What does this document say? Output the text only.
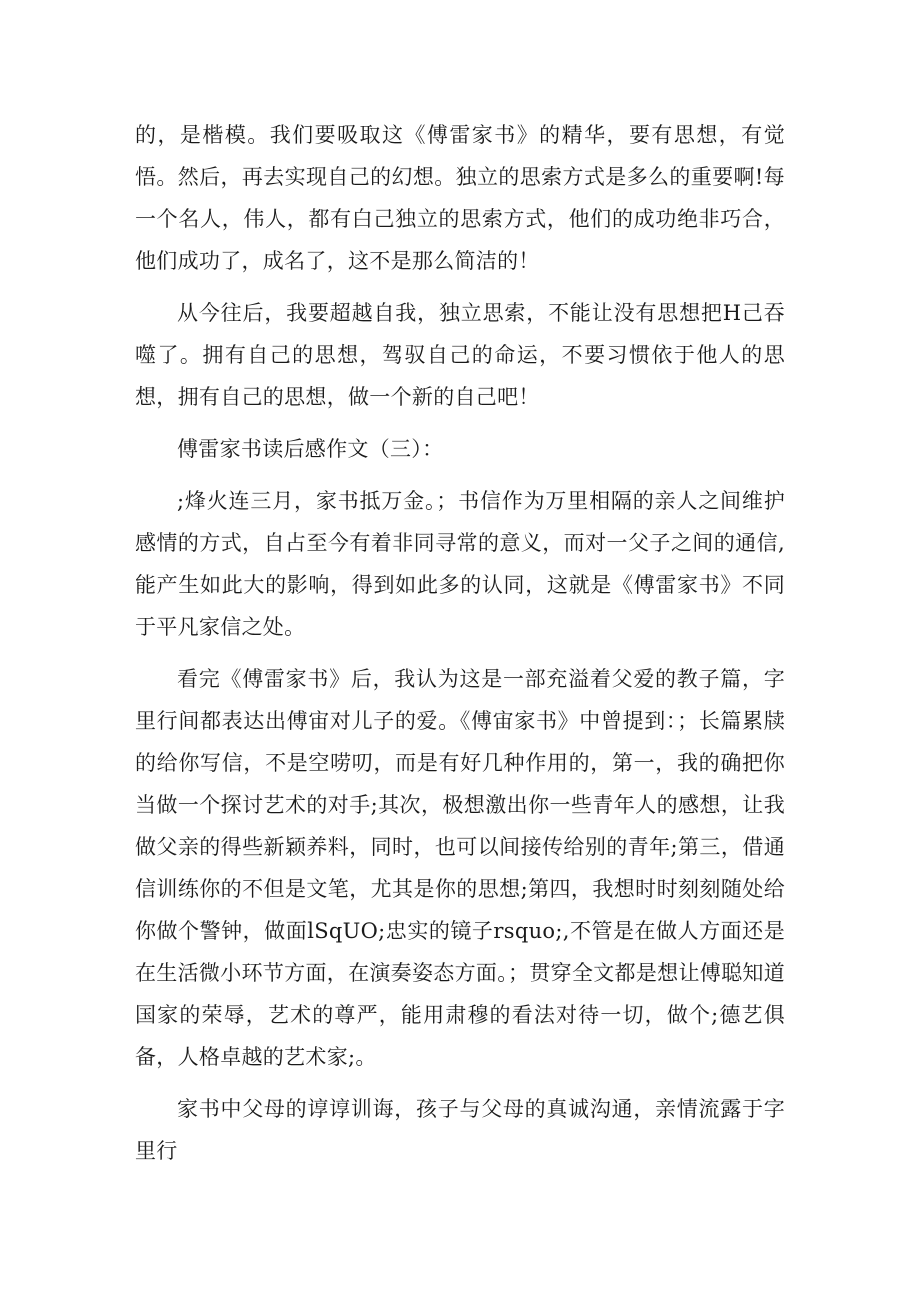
的，是楷模。我们要吸取这《傅雷家书》的精华，要有思想，有觉悟。然后，再去实现自己的幻想。独立的思索方式是多么的重要啊!每一个名人，伟人，都有白己独立的思索方式，他们的成功绝非巧合，他们成功了，成名了，这不是那么简洁的！

从今往后，我要超越自我，独立思索，不能让没有思想把H己吞噬了。拥有自己的思想，驾驭自己的命运，不要习惯依于他人的思想，拥有自己的思想，做一个新的自己吧！

傅雷家书读后感作文（三）：

;烽火连三月，家书抵万金。；书信作为万里相隔的亲人之间维护感情的方式，自占至今有着非同寻常的意义，而对一父子之间的通信,能产生如此大的影响，得到如此多的认同，这就是《傅雷家书》不同于平凡家信之处。

看完《傅雷家书》后，我认为这是一部充溢着父爱的教子篇，字里行间都表达出傅宙对儿子的爱。《傅宙家书》中曾提到：；长篇累牍的给你写信，不是空唠叨，而是有好几种作用的，第一，我的确把你当做一个探讨艺术的对手;其次，极想激出你一些青年人的感想，让我做父亲的得些新颖养料，同时，也可以间接传给别的青年;第三，借通信训练你的不但是文笔，尤其是你的思想;第四，我想时时刻刻随处给你做个警钟，做面lSqUO;忠实的镜子rsquo;,不管是在做人方面还是在生活微小环节方面，在演奏姿态方面。；贯穿全文都是想让傅聪知道国家的荣辱，艺术的尊严，能用肃穆的看法对待一切，做个;德艺俱备，人格卓越的艺术家;。

家书中父母的谆谆训诲，孩子与父母的真诚沟通，亲情流露于字里行
